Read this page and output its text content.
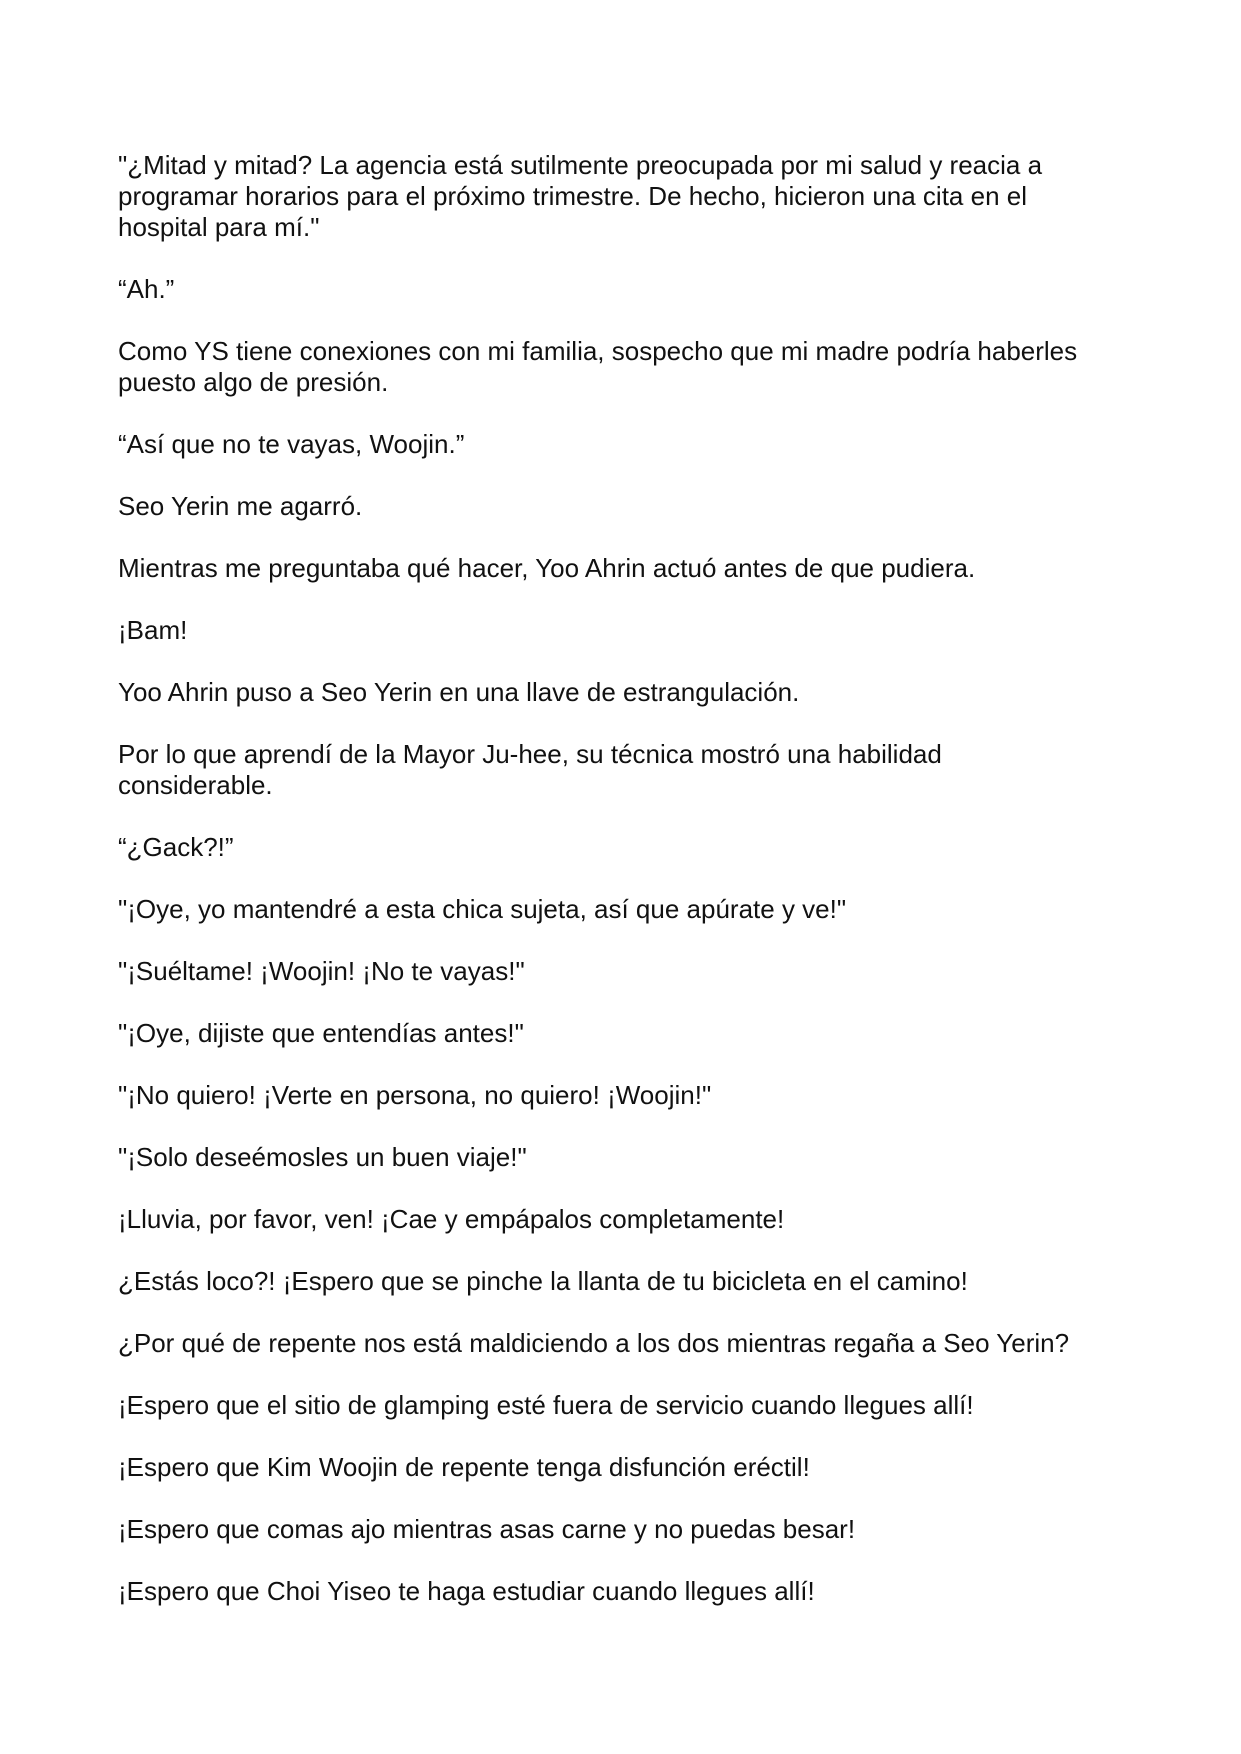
"¿Mitad y mitad? La agencia está sutilmente preocupada por mi salud y reacia a
programar horarios para el próximo trimestre. De hecho, hicieron una cita en el
hospital para mí."

“Ah.”

Como YS tiene conexiones con mi familia, sospecho que mi madre podría haberles
puesto algo de presión.

“Así que no te vayas, Woojin.”

Seo Yerin me agarró.

Mientras me preguntaba qué hacer, Yoo Ahrin actuó antes de que pudiera.

¡Bam!

Yoo Ahrin puso a Seo Yerin en una llave de estrangulación.

Por lo que aprendí de la Mayor Ju-hee, su técnica mostró una habilidad
considerable.

“¿Gack?!”

"¡Oye, yo mantendré a esta chica sujeta, así que apúrate y ve!"

"¡Suéltame! ¡Woojin! ¡No te vayas!"

"¡Oye, dijiste que entendías antes!"

"¡No quiero! ¡Verte en persona, no quiero! ¡Woojin!"

"¡Solo deseémosles un buen viaje!"

¡Lluvia, por favor, ven! ¡Cae y empápalos completamente!

¿Estás loco?! ¡Espero que se pinche la llanta de tu bicicleta en el camino!

¿Por qué de repente nos está maldiciendo a los dos mientras regaña a Seo Yerin?

¡Espero que el sitio de glamping esté fuera de servicio cuando llegues allí!

¡Espero que Kim Woojin de repente tenga disfunción eréctil!

¡Espero que comas ajo mientras asas carne y no puedas besar!

¡Espero que Choi Yiseo te haga estudiar cuando llegues allí!
